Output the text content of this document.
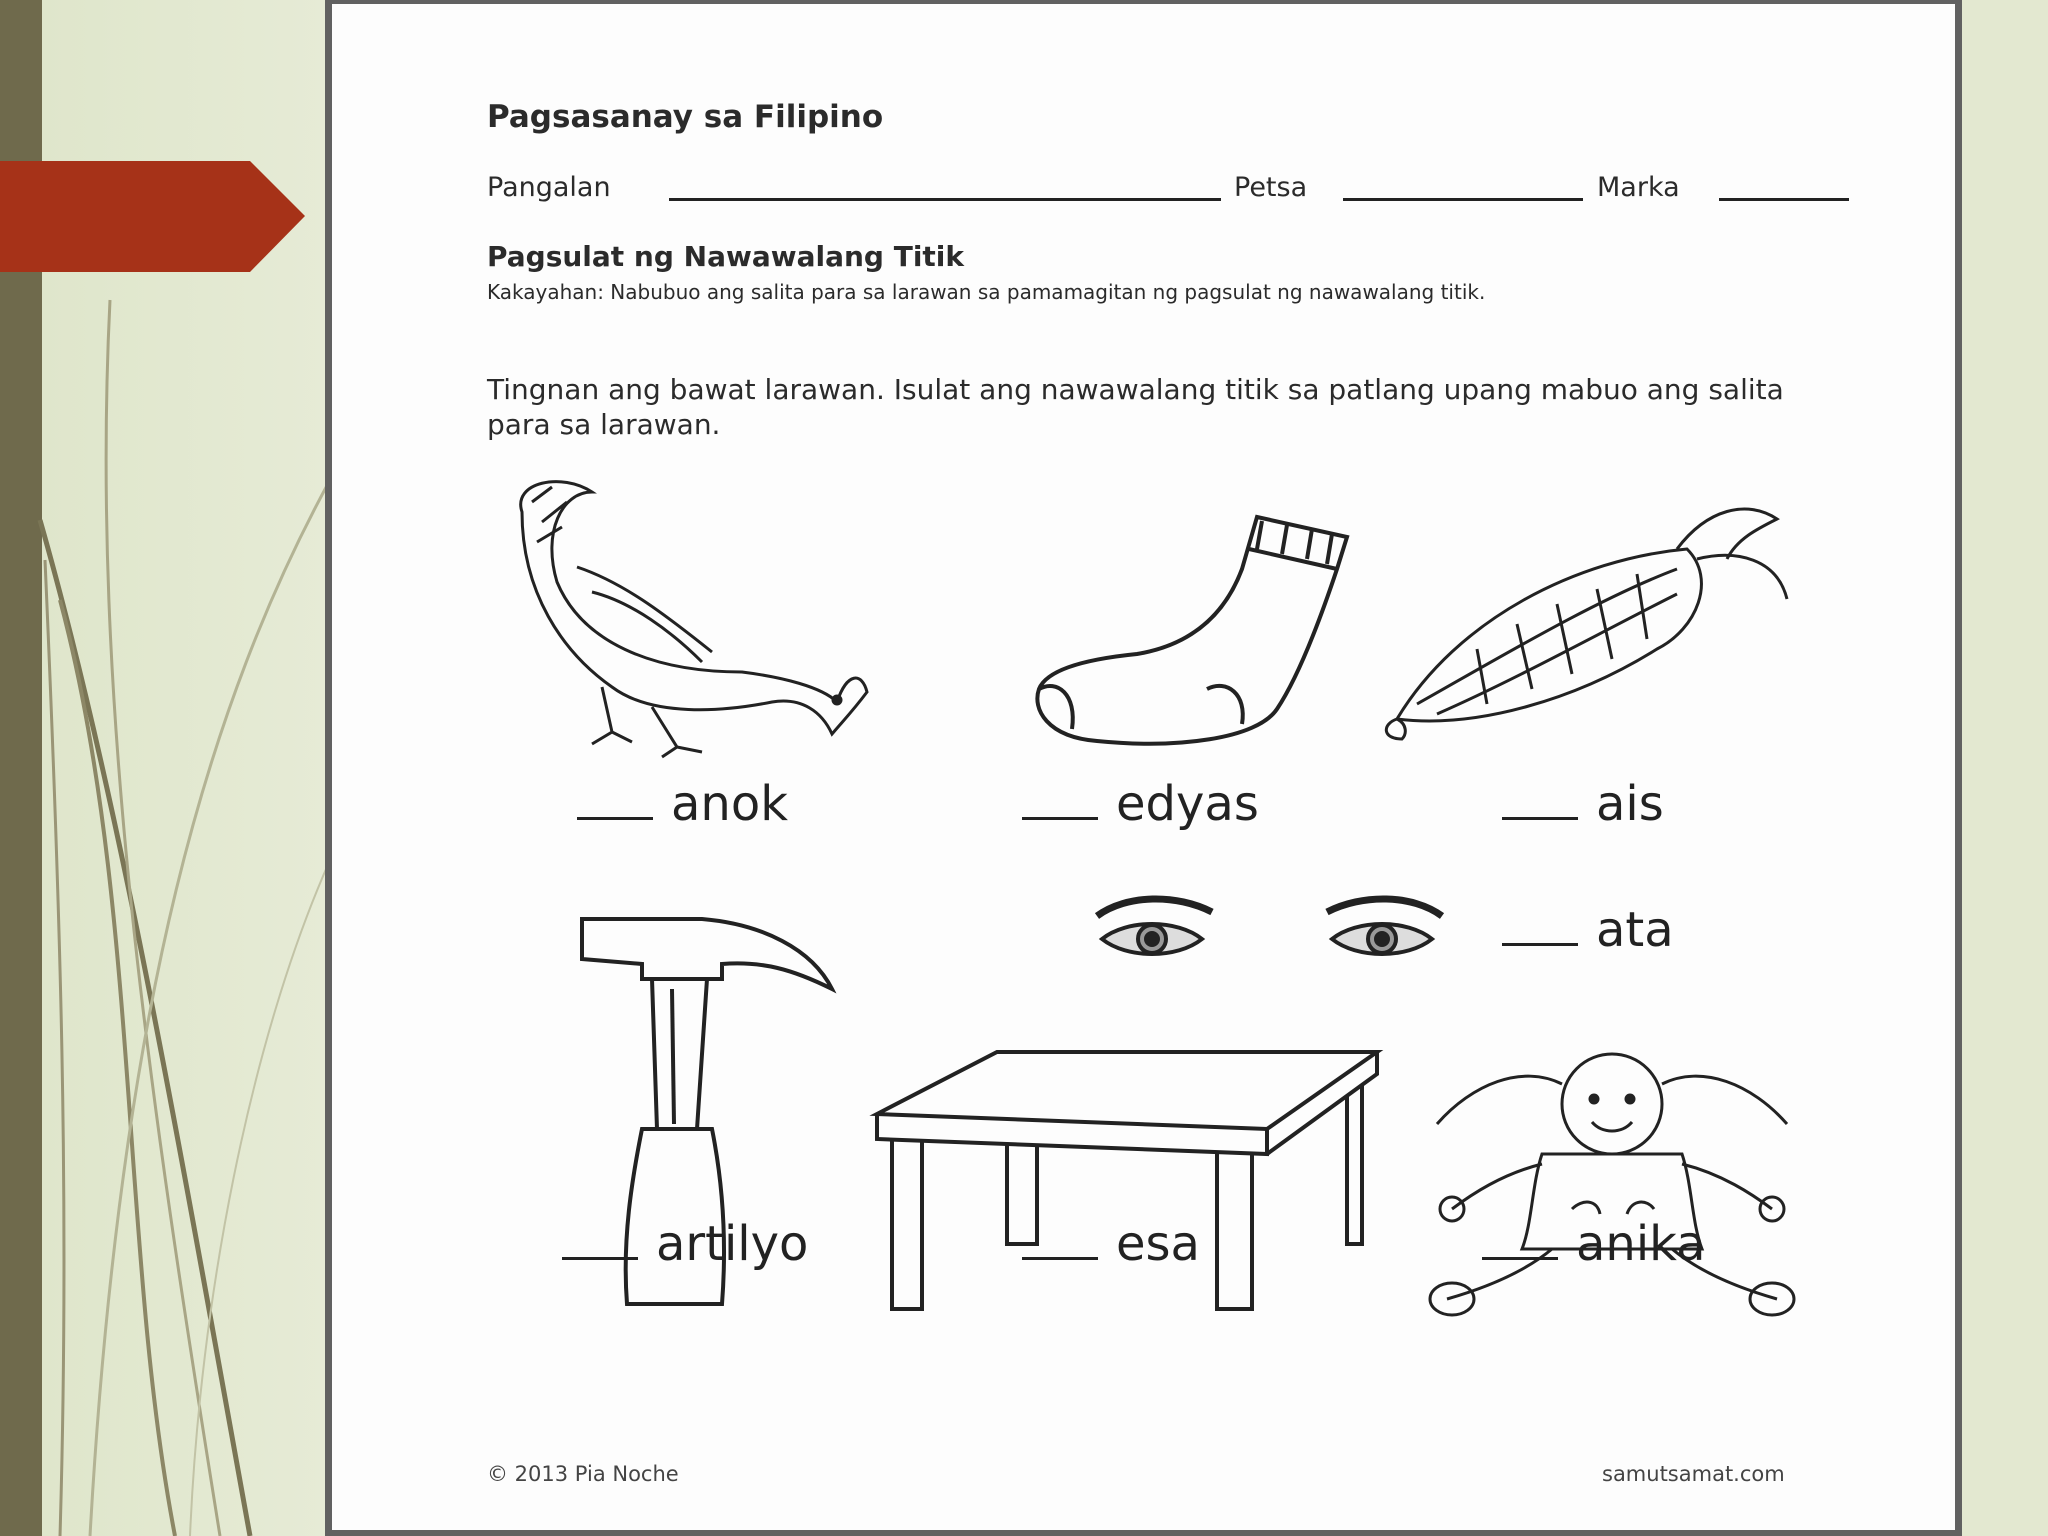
Pagsasanay sa Filipino
Pangalan	Petsa	Marka
Pagsulat ng Nawawalang Titik
Kakayahan: Nabubuo ang salita para sa larawan sa pamamagitan ng pagsulat ng nawawalang titik.
Tingnan ang bawat larawan. Isulat ang nawawalang titik sa patlang upang mabuo ang salita para sa larawan.
anok	edyas	ais
ata
artilyo	esa	anika
© 2013 Pia Noche	samutsamat.com
